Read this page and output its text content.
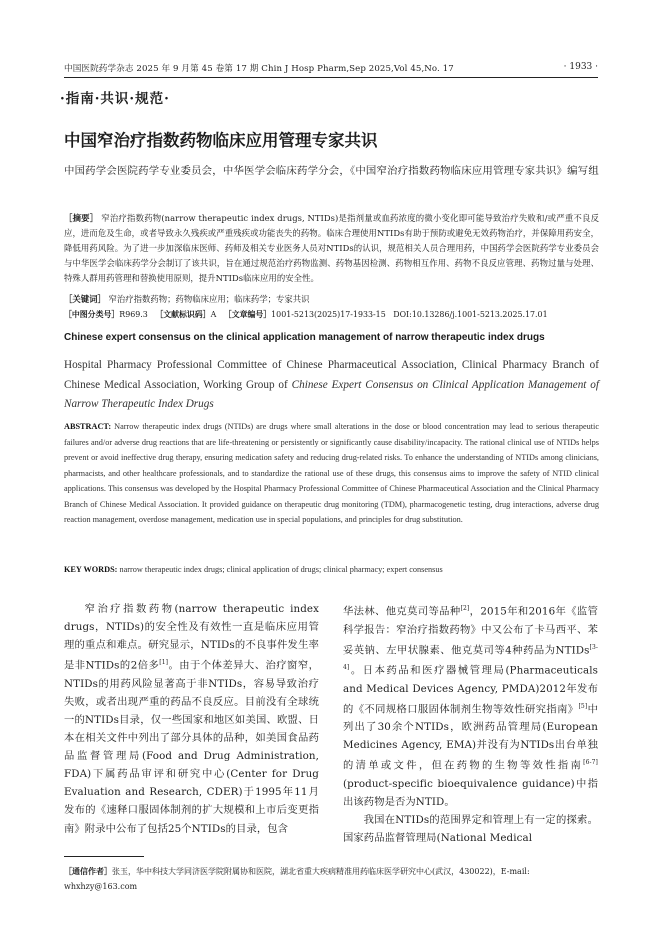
中国医院药学杂志 2025 年 9 月第 45 卷第 17 期 Chin J Hosp Pharm,Sep 2025,Vol 45,No. 17	· 1933 ·
·指南·共识·规范·
中国窄治疗指数药物临床应用管理专家共识
中国药学会医院药学专业委员会，中华医学会临床药学分会，《中国窄治疗指数药物临床应用管理专家共识》编写组
［摘要］ 窄治疗指数药物(narrow therapeutic index drugs, NTIDs)是指剂量或血药浓度的微小变化即可能导致治疗失败和/或严重不良反应，进而危及生命，或者导致永久残疾或严重残疾或功能丧失的药物。临床合理使用NTIDs有助于预防或避免无效药物治疗，并保障用药安全，降低用药风险。为了进一步加深临床医师、药师及相关专业医务人员对NTIDs的认识，规范相关人员合理用药，中国药学会医院药学专业委员会与中华医学会临床药学分会制订了该共识，旨在通过规范治疗药物监测、药物基因检测、药物相互作用、药物不良反应管理、药物过量与处理、特殊人群用药管理和替换使用原则，提升NTIDs临床应用的安全性。
［关键词］ 窄治疗指数药物；药物临床应用；临床药学；专家共识
［中图分类号］R969.3 ［文献标识码］A ［文章编号］1001-5213(2025)17-1933-15 DOI:10.13286/j.1001-5213.2025.17.01
Chinese expert consensus on the clinical application management of narrow therapeutic index drugs
Hospital Pharmacy Professional Committee of Chinese Pharmaceutical Association, Clinical Pharmacy Branch of Chinese Medical Association, Working Group of Chinese Expert Consensus on Clinical Application Management of Narrow Therapeutic Index Drugs
ABSTRACT: Narrow therapeutic index drugs (NTIDs) are drugs where small alterations in the dose or blood concentration may lead to serious therapeutic failures and/or adverse drug reactions that are life-threatening or persistently or significantly cause disability/incapacity. The rational clinical use of NTIDs helps prevent or avoid ineffective drug therapy, ensuring medication safety and reducing drug-related risks. To enhance the understanding of NTIDs among clinicians, pharmacists, and other healthcare professionals, and to standardize the rational use of these drugs, this consensus aims to improve the safety of NTID clinical applications. This consensus was developed by the Hospital Pharmacy Professional Committee of Chinese Pharmaceutical Association and the Clinical Pharmacy Branch of Chinese Medical Association. It provided guidance on therapeutic drug monitoring (TDM), pharmacogenetic testing, drug interactions, adverse drug reaction management, overdose management, medication use in special populations, and principles for drug substitution.
KEY WORDS: narrow therapeutic index drugs; clinical application of drugs; clinical pharmacy; expert consensus

窄治疗指数药物(narrow therapeutic index drugs，NTIDs)的安全性及有效性一直是临床应用管理的重点和难点。研究显示，NTIDs的不良事件发生率是非NTIDs的2倍多[1]。由于个体差异大、治疗窗窄，NTIDs的用药风险显著高于非NTIDs，容易导致治疗失败，或者出现严重的药品不良反应。目前没有全球统一的NTIDs目录，仅一些国家和地区如美国、欧盟、日本在相关文件中列出了部分具体的品种，如美国食品药品监督管理局(Food and Drug Administration, FDA)下属药品审评和研究中心(Center for Drug Evaluation and Research, CDER)于1995年11月发布的《速释口服固体制剂的扩大规模和上市后变更指南》附录中公布了包括25个NTIDs的目录，包含

华法林、他克莫司等品种[2]，2015年和2016年《监管科学报告：窄治疗指数药物》中又公布了卡马西平、苯妥英钠、左甲状腺素、他克莫司等4种药品为NTIDs[3-4]。日本药品和医疗器械管理局(Pharmaceuticals and Medical Devices Agency, PMDA)2012年发布的《不同规格口服固体制剂生物等效性研究指南》[5]中列出了30余个NTIDs，欧洲药品管理局(European Medicines Agency, EMA)并没有为NTIDs出台单独的清单或文件，但在药物的生物等效性指南[6-7](product-specific bioequivalence guidance)中指出该药物是否为NTID。

我国在NTIDs的范围界定和管理上有一定的探索。国家药品监督管理局(National Medical

［通信作者］张玉，华中科技大学同济医学院附属协和医院，湖北省重大疾病精准用药临床医学研究中心(武汉，430022)，E-mail: whxhzy@163.com
